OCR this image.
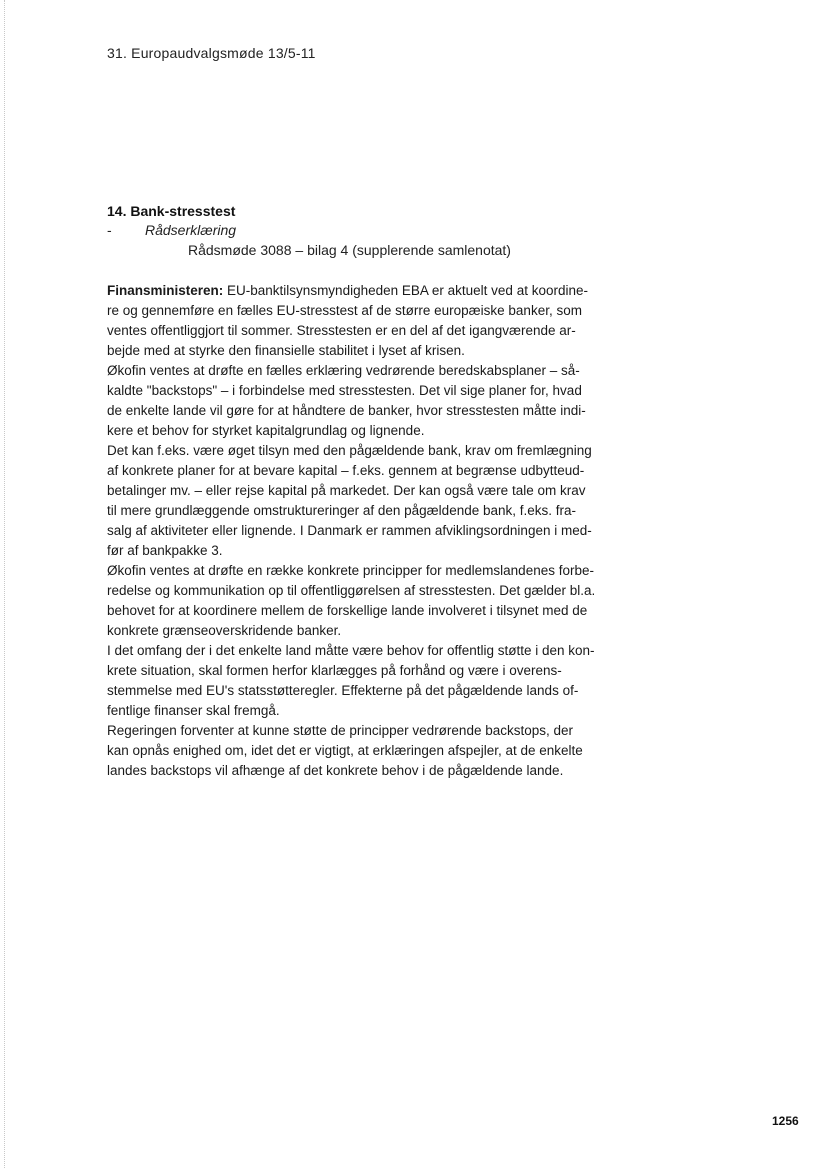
31. Europaudvalgsmøde 13/5-11
14. Bank-stresstest
- Rådserklæring
Rådsmøde 3088 – bilag 4 (supplerende samlenotat)
Finansministeren: EU-banktilsynsmyndigheden EBA er aktuelt ved at koordine-
re og gennemføre en fælles EU-stresstest af de større europæiske banker, som
ventes offentliggjort til sommer. Stresstesten er en del af det igangværende ar-
bejde med at styrke den finansielle stabilitet i lyset af krisen.
Økofin ventes at drøfte en fælles erklæring vedrørende beredskabsplaner – så-
kaldte "backstops" – i forbindelse med stresstesten. Det vil sige planer for, hvad
de enkelte lande vil gøre for at håndtere de banker, hvor stresstesten måtte indi-
kere et behov for styrket kapitalgrundlag og lignende.
Det kan f.eks. være øget tilsyn med den pågældende bank, krav om fremlægning
af konkrete planer for at bevare kapital – f.eks. gennem at begrænse udbytteud-
betalinger mv. – eller rejse kapital på markedet. Der kan også være tale om krav
til mere grundlæggende omstruktureringer af den pågældende bank, f.eks. fra-
salg af aktiviteter eller lignende. I Danmark er rammen afviklingsordningen i med-
før af bankpakke 3.
Økofin ventes at drøfte en række konkrete principper for medlemslandenes forbe-
redelse og kommunikation op til offentliggørelsen af stresstesten. Det gælder bl.a.
behovet for at koordinere mellem de forskellige lande involveret i tilsynet med de
konkrete grænseoverskridende banker.
I det omfang der i det enkelte land måtte være behov for offentlig støtte i den kon-
krete situation, skal formen herfor klarlægges på forhånd og være i overens-
stemmelse med EU's statsstøtteregler. Effekterne på det pågældende lands of-
fentlige finanser skal fremgå.
Regeringen forventer at kunne støtte de principper vedrørende backstops, der
kan opnås enighed om, idet det er vigtigt, at erklæringen afspejler, at de enkelte
landes backstops vil afhænge af det konkrete behov i de pågældende lande.
1256
